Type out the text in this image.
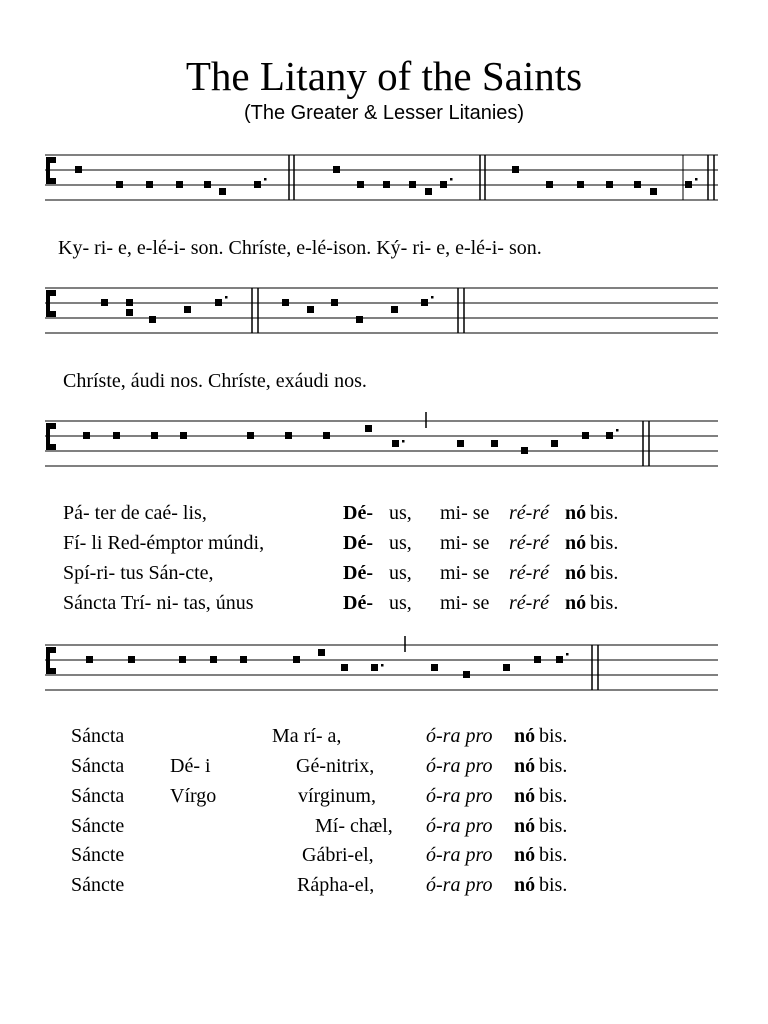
The Litany of the Saints
(The Greater & Lesser Litanies)
Ky- ri- e, e-lé-i- son. Chríste, e-lé-ison. Ký- ri- e, e-lé-i- son.
Chríste, áudi nos. Chríste, exáudi nos.
Pá- ter de caé- lis,	Dé- us, mi- se ré-ré nó bis.
Fí- li Red-émptor múndi,	Dé- us, mi- se ré-ré nó bis.
Spí-ri- tus Sán-cte,	Dé- us, mi- se ré-ré nó bis.
Sáncta Trí- ni- tas, únus	Dé- us, mi- se ré-ré nó bis.
Sáncta	Ma rí- a,	ó-ra pro nó bis.
Sáncta Dé- i	Gé-nitrix,	ó-ra pro nó bis.
Sáncta Vírgo	vírginum,	ó-ra pro nó bis.
Sáncte	Mí- chæl, ó-ra pro nó bis.
Sáncte	Gábri-el,	ó-ra pro nó bis.
Sáncte	Rápha-el,	ó-ra pro nó bis.
